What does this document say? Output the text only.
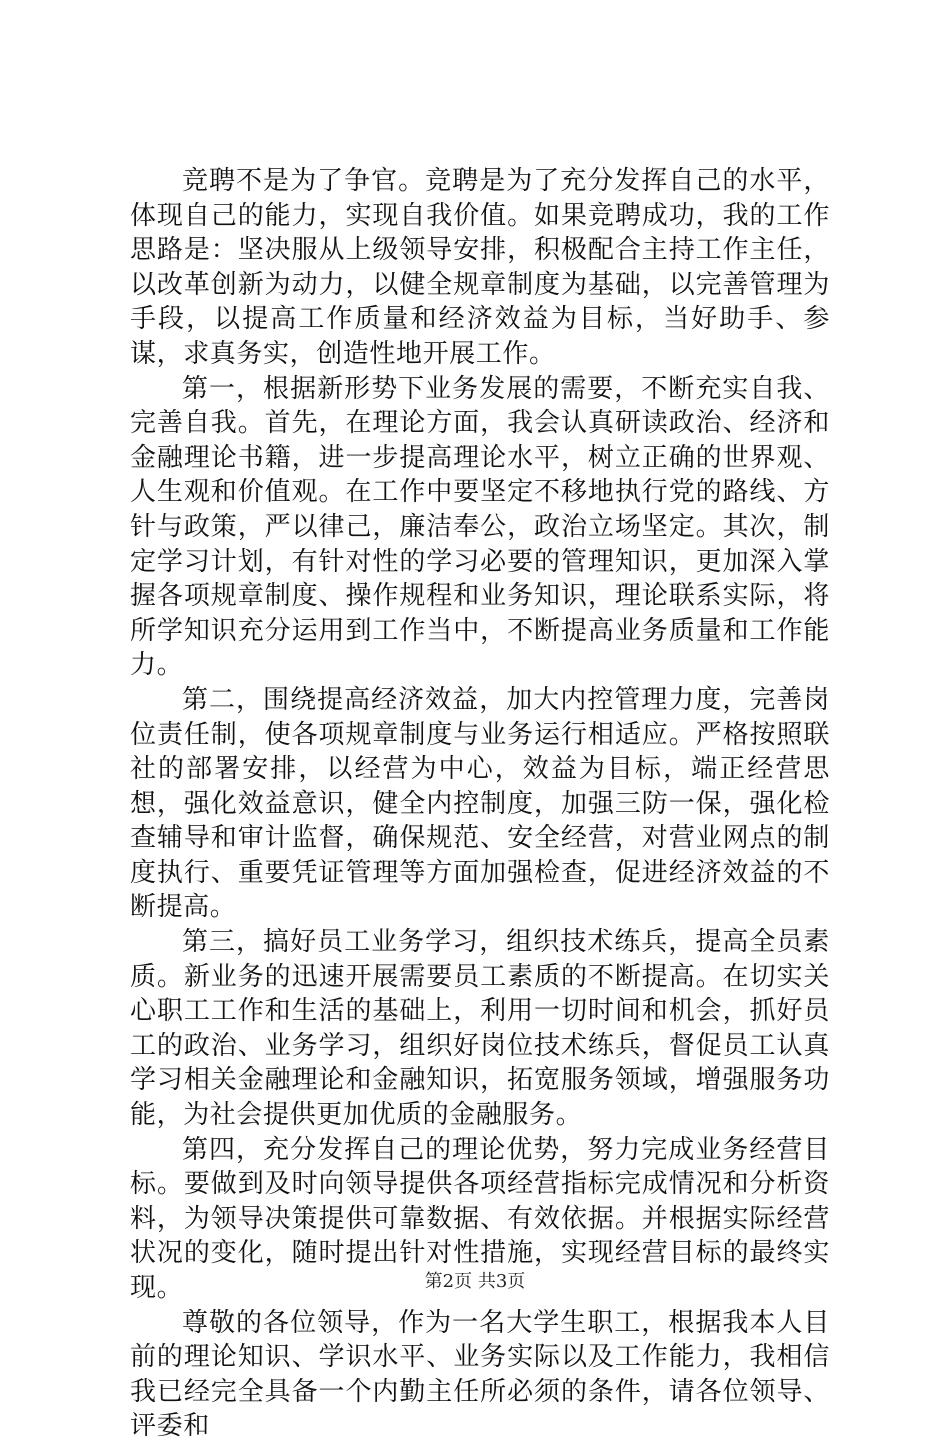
竞聘不是为了争官。竞聘是为了充分发挥自己的水平，体现自己的能力，实现自我价值。如果竞聘成功，我的工作思路是：坚决服从上级领导安排，积极配合主持工作主任，以改革创新为动力，以健全规章制度为基础，以完善管理为手段，以提高工作质量和经济效益为目标，当好助手、参谋，求真务实，创造性地开展工作。

第一，根据新形势下业务发展的需要，不断充实自我、完善自我。首先，在理论方面，我会认真研读政治、经济和金融理论书籍，进一步提高理论水平，树立正确的世界观、人生观和价值观。在工作中要坚定不移地执行党的路线、方针与政策，严以律己，廉洁奉公，政治立场坚定。其次，制定学习计划，有针对性的学习必要的管理知识，更加深入掌握各项规章制度、操作规程和业务知识，理论联系实际，将所学知识充分运用到工作当中，不断提高业务质量和工作能力。

第二，围绕提高经济效益，加大内控管理力度，完善岗位责任制，使各项规章制度与业务运行相适应。严格按照联社的部署安排，以经营为中心，效益为目标，端正经营思想，强化效益意识，健全内控制度，加强三防一保，强化检查辅导和审计监督，确保规范、安全经营，对营业网点的制度执行、重要凭证管理等方面加强检查，促进经济效益的不断提高。

第三，搞好员工业务学习，组织技术练兵，提高全员素质。新业务的迅速开展需要员工素质的不断提高。在切实关心职工工作和生活的基础上，利用一切时间和机会，抓好员工的政治、业务学习，组织好岗位技术练兵，督促员工认真学习相关金融理论和金融知识，拓宽服务领域，增强服务功能，为社会提供更加优质的金融服务。

第四，充分发挥自己的理论优势，努力完成业务经营目标。要做到及时向领导提供各项经营指标完成情况和分析资料，为领导决策提供可靠数据、有效依据。并根据实际经营状况的变化，随时提出针对性措施，实现经营目标的最终实现。

尊敬的各位领导，作为一名大学生职工，根据我本人目前的理论知识、学识水平、业务实际以及工作能力，我相信我已经完全具备一个内勤主任所必须的条件，请各位领导、评委和

第2页 共3页
